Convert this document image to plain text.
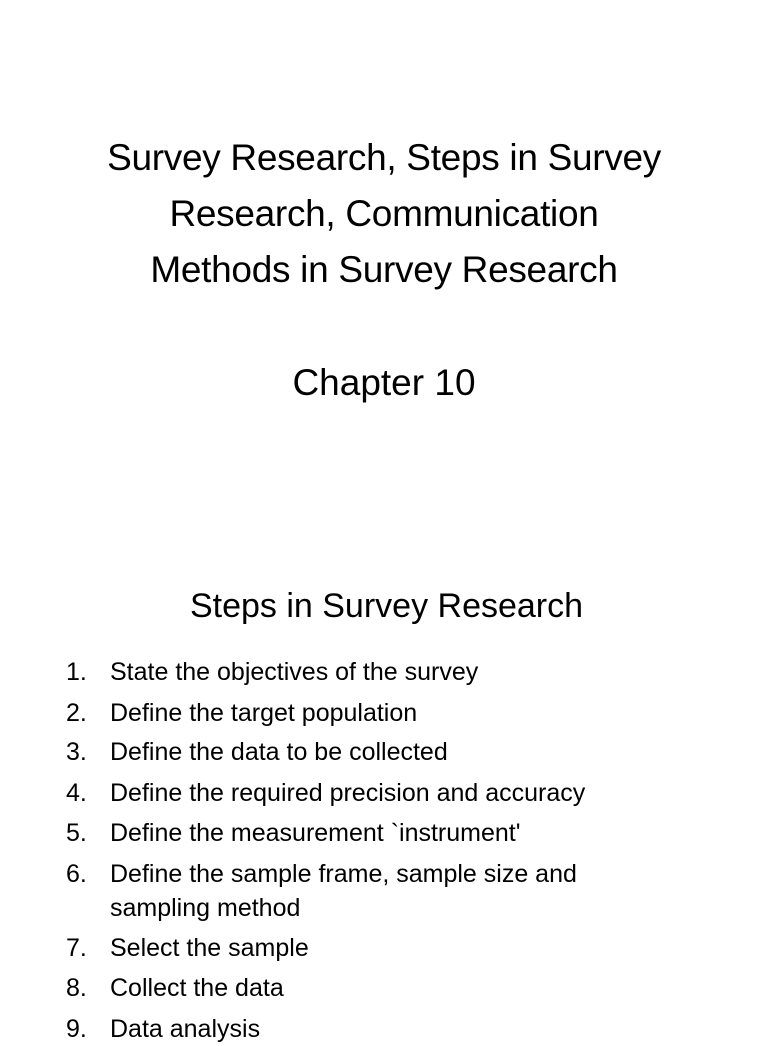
Survey Research, Steps in Survey
Research, Communication
Methods in Survey Research
Chapter 10
Steps in Survey Research
1. State the objectives of the survey
2. Define the target population
3. Define the data to be collected
4. Define the required precision and accuracy
5. Define the measurement `instrument'
6. Define the sample frame, sample size and sampling method
7. Select the sample
8. Collect the data
9. Data analysis
